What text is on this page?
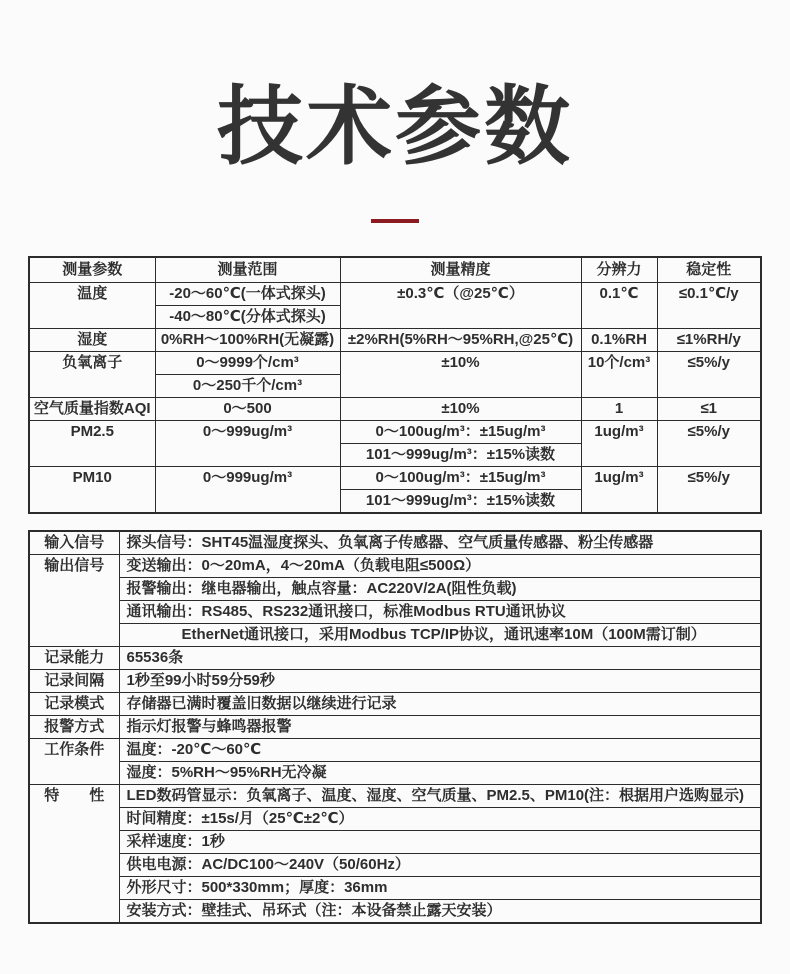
技术参数
测量参数	测量范围	测量精度	分辨力	稳定性
温度	-20～60℃(一体式探头)	±0.3℃（@25℃）	0.1℃	≤0.1℃/y
	-40～80℃(分体式探头)			
湿度	0%RH～100%RH(无凝露)	±2%RH(5%RH～95%RH,@25℃)	0.1%RH	≤1%RH/y
负氧离子	0～9999个/cm³	±10%	10个/cm³	≤5%/y
	0～250千个/cm³			
空气质量指数AQI	0～500	±10%	1	≤1
PM2.5	0～999ug/m³	0～100ug/m³：±15ug/m³	1ug/m³	≤5%/y
		101～999ug/m³：±15%读数		
PM10	0～999ug/m³	0～100ug/m³：±15ug/m³	1ug/m³	≤5%/y
		101～999ug/m³：±15%读数		
输入信号	探头信号：SHT45温湿度探头、负氧离子传感器、空气质量传感器、粉尘传感器
输出信号	变送输出：0～20mA，4～20mA（负载电阻≤500Ω）
	报警输出：继电器输出，触点容量：AC220V/2A(阻性负载)
	通讯输出：RS485、RS232通讯接口，标准Modbus RTU通讯协议
	EtherNet通讯接口，采用Modbus TCP/IP协议，通讯速率10M（100M需订制）
记录能力	65536条
记录间隔	1秒至99小时59分59秒
记录模式	存储器已满时覆盖旧数据以继续进行记录
报警方式	指示灯报警与蜂鸣器报警
工作条件	温度：-20℃～60℃
	湿度：5%RH～95%RH无冷凝
特　　性	LED数码管显示：负氧离子、温度、湿度、空气质量、PM2.5、PM10(注：根据用户选购显示)
	时间精度：±15s/月（25℃±2℃）
	采样速度：1秒
	供电电源：AC/DC100～240V（50/60Hz）
	外形尺寸：500*330mm；厚度：36mm
	安装方式：壁挂式、吊环式（注：本设备禁止露天安装）
